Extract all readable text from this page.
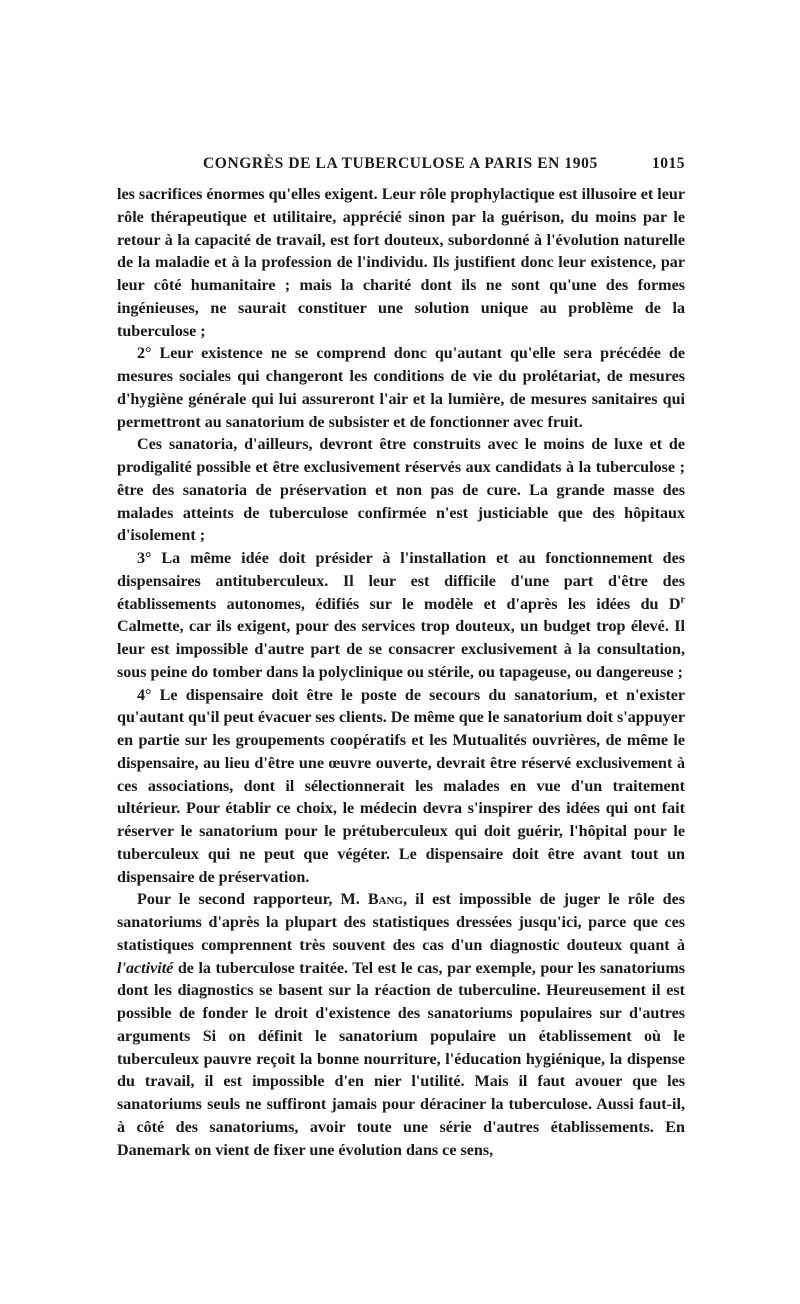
CONGRÈS DE LA TUBERCULOSE A PARIS EN 1905	1015

les sacrifices énormes qu'elles exigent. Leur rôle prophylactique est illusoire et leur rôle thérapeutique et utilitaire, apprécié sinon par la guérison, du moins par le retour à la capacité de travail, est fort douteux, subordonné à l'évolution naturelle de la maladie et à la profession de l'individu. Ils justifient donc leur existence, par leur côté humanitaire ; mais la charité dont ils ne sont qu'une des formes ingénieuses, ne saurait constituer une solution unique au problème de la tuberculose ;

2° Leur existence ne se comprend donc qu'autant qu'elle sera précédée de mesures sociales qui changeront les conditions de vie du prolétariat, de mesures d'hygiène générale qui lui assureront l'air et la lumière, de mesures sanitaires qui permettront au sanatorium de subsister et de fonctionner avec fruit.

Ces sanatoria, d'ailleurs, devront être construits avec le moins de luxe et de prodigalité possible et être exclusivement réservés aux candidats à la tuberculose ; être des sanatoria de préservation et non pas de cure. La grande masse des malades atteints de tuberculose confirmée n'est justiciable que des hôpitaux d'isolement ;

3° La même idée doit présider à l'installation et au fonctionnement des dispensaires antituberculeux. Il leur est difficile d'une part d'être des établissements autonomes, édifiés sur le modèle et d'après les idées du $D^r$ Calmette, car ils exigent, pour des services trop douteux, un budget trop élevé. Il leur est impossible d'autre part de se consacrer exclusivement à la consultation, sous peine do tomber dans la polyclinique ou stérile, ou tapageuse, ou dangereuse ;

4° Le dispensaire doit être le poste de secours du sanatorium, et n'exister qu'autant qu'il peut évacuer ses clients. De même que le sanatorium doit s'appuyer en partie sur les groupements coopératifs et les Mutualités ouvrières, de même le dispensaire, au lieu d'être une œuvre ouverte, devrait être réservé exclusivement à ces associations, dont il sélectionnerait les malades en vue d'un traitement ultérieur. Pour établir ce choix, le médecin devra s'inspirer des idées qui ont fait réserver le sanatorium pour le prétuberculeux qui doit guérir, l'hôpital pour le tuberculeux qui ne peut que végéter. Le dispensaire doit être avant tout un dispensaire de préservation.

Pour le second rapporteur, M. Bang, il est impossible de juger le rôle des sanatoriums d'après la plupart des statistiques dressées jusqu'ici, parce que ces statistiques comprennent très souvent des cas d'un diagnostic douteux quant à l'activité de la tuberculose traitée. Tel est le cas, par exemple, pour les sanatoriums dont les diagnostics se basent sur la réaction de tuberculine. Heureusement il est possible de fonder le droit d'existence des sanatoriums populaires sur d'autres arguments Si on définit le sanatorium populaire un établissement où le tuberculeux pauvre reçoit la bonne nourriture, l'éducation hygiénique, la dispense du travail, il est impossible d'en nier l'utilité. Mais il faut avouer que les sanatoriums seuls ne suffiront jamais pour déraciner la tuberculose. Aussi faut-il, à côté des sanatoriums, avoir toute une série d'autres établissements. En Danemark on vient de fixer une évolution dans ce sens,
